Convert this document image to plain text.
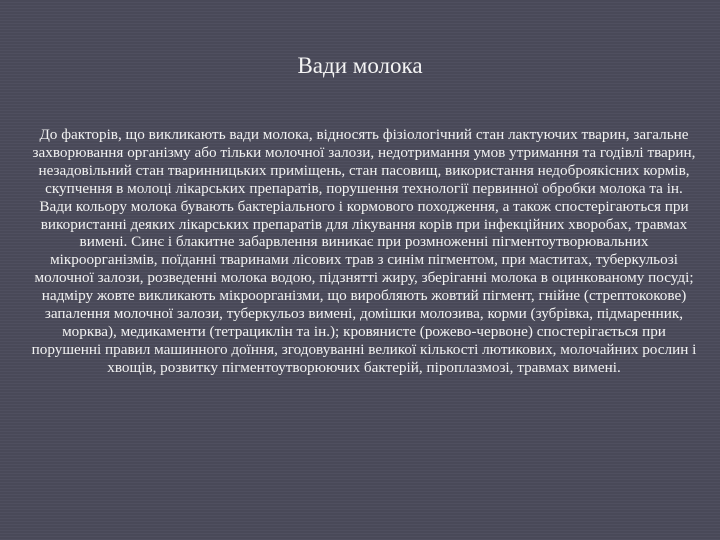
Вади молока

До факторів, що викликають вади молока, відносять фізіологічний стан лактуючих тварин, загальне захворювання організму або тільки молочної залози, недотримання умов утримання та годівлі тварин, незадовільний стан тваринницьких приміщень, стан пасовищ, використання недоброякісних кормів, скупчення в молоці лікарських препаратів, порушення технології первинної обробки молока та ін.

Вади кольору молока бувають бактеріального і кормового походження, а також спостерігаються при використанні деяких лікарських препаратів для лікування корів при інфекційних хворобах, травмах вимені. Синє і блакитне забарвлення виникає при розмноженні пігментоутворювальних мікроорганізмів, поїданні тваринами лісових трав з синім пігментом, при маститах, туберкульозі молочної залози, розведенні молока водою, підзнятті жиру, зберіганні молока в оцинкованому посуді; надміру жовте викликають мікроорганізми, що виробляють жовтий пігмент, гнійне (стрептококове) запалення молочної залози, туберкульоз вимені, домішки молозива, корми (зубрівка, підмаренник, морква), медикаменти (тетрациклін та ін.); кровянисте (рожево-червоне) спостерігається при порушенні правил машинного доїння, згодовуванні великої кількості лютикових, молочайних рослин і хвощів, розвитку пігментоутворюючих бактерій, піроплазмозі, травмах вимені.
